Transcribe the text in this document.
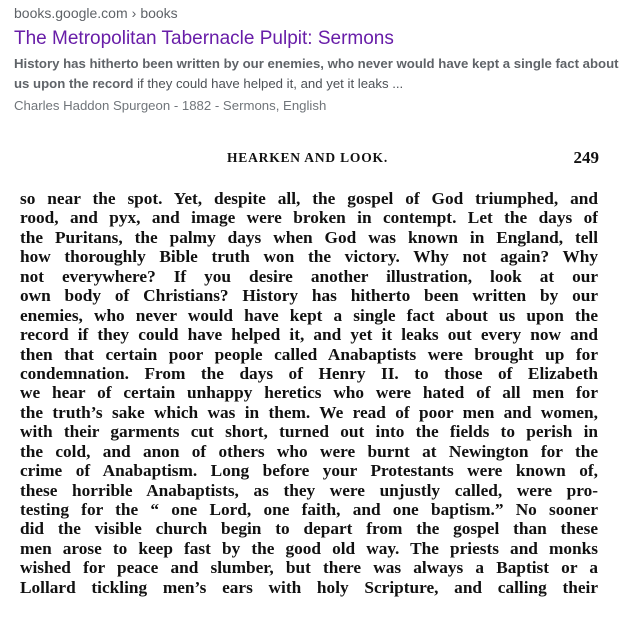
books.google.com › books
The Metropolitan Tabernacle Pulpit: Sermons
History has hitherto been written by our enemies, who never would have kept a single fact about us upon the record if they could have helped it, and yet it leaks ...
Charles Haddon Spurgeon - 1882 - Sermons, English
HEARKEN AND LOOK.	249
so near the spot. Yet, despite all, the gospel of God triumphed, and
rood, and pyx, and image were broken in contempt. Let the days of
the Puritans, the palmy days when God was known in England, tell
how thoroughly Bible truth won the victory. Why not again? Why
not everywhere? If you desire another illustration, look at our
own body of Christians? History has hitherto been written by our
enemies, who never would have kept a single fact about us upon the
record if they could have helped it, and yet it leaks out every now and
then that certain poor people called Anabaptists were brought up for
condemnation. From the days of Henry II. to those of Elizabeth
we hear of certain unhappy heretics who were hated of all men for
the truth’s sake which was in them. We read of poor men and women,
with their garments cut short, turned out into the fields to perish in
the cold, and anon of others who were burnt at Newington for the
crime of Anabaptism. Long before your Protestants were known of,
these horrible Anabaptists, as they were unjustly called, were pro-
testing for the “ one Lord, one faith, and one baptism.” No sooner
did the visible church begin to depart from the gospel than these
men arose to keep fast by the good old way. The priests and monks
wished for peace and slumber, but there was always a Baptist or a
Lollard tickling men’s ears with holy Scripture, and calling their
